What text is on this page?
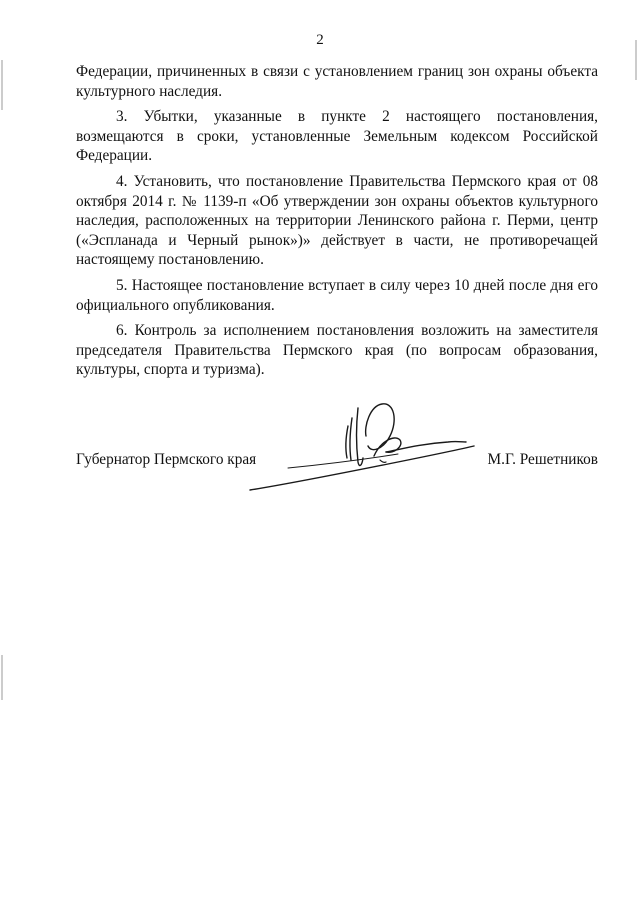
2

Федерации, причиненных в связи с установлением границ зон охраны объекта культурного наследия.

3. Убытки, указанные в пункте 2 настоящего постановления, возмещаются в сроки, установленные Земельным кодексом Российской Федерации.

4. Установить, что постановление Правительства Пермского края от 08 октября 2014 г. № 1139-п «Об утверждении зон охраны объектов культурного наследия, расположенных на территории Ленинского района г. Перми, центр («Эспланада и Черный рынок»)» действует в части, не противоречащей настоящему постановлению.

5. Настоящее постановление вступает в силу через 10 дней после дня его официального опубликования.

6. Контроль за исполнением постановления возложить на заместителя председателя Правительства Пермского края (по вопросам образования, культуры, спорта и туризма).

Губернатор Пермского края	М.Г. Решетников
